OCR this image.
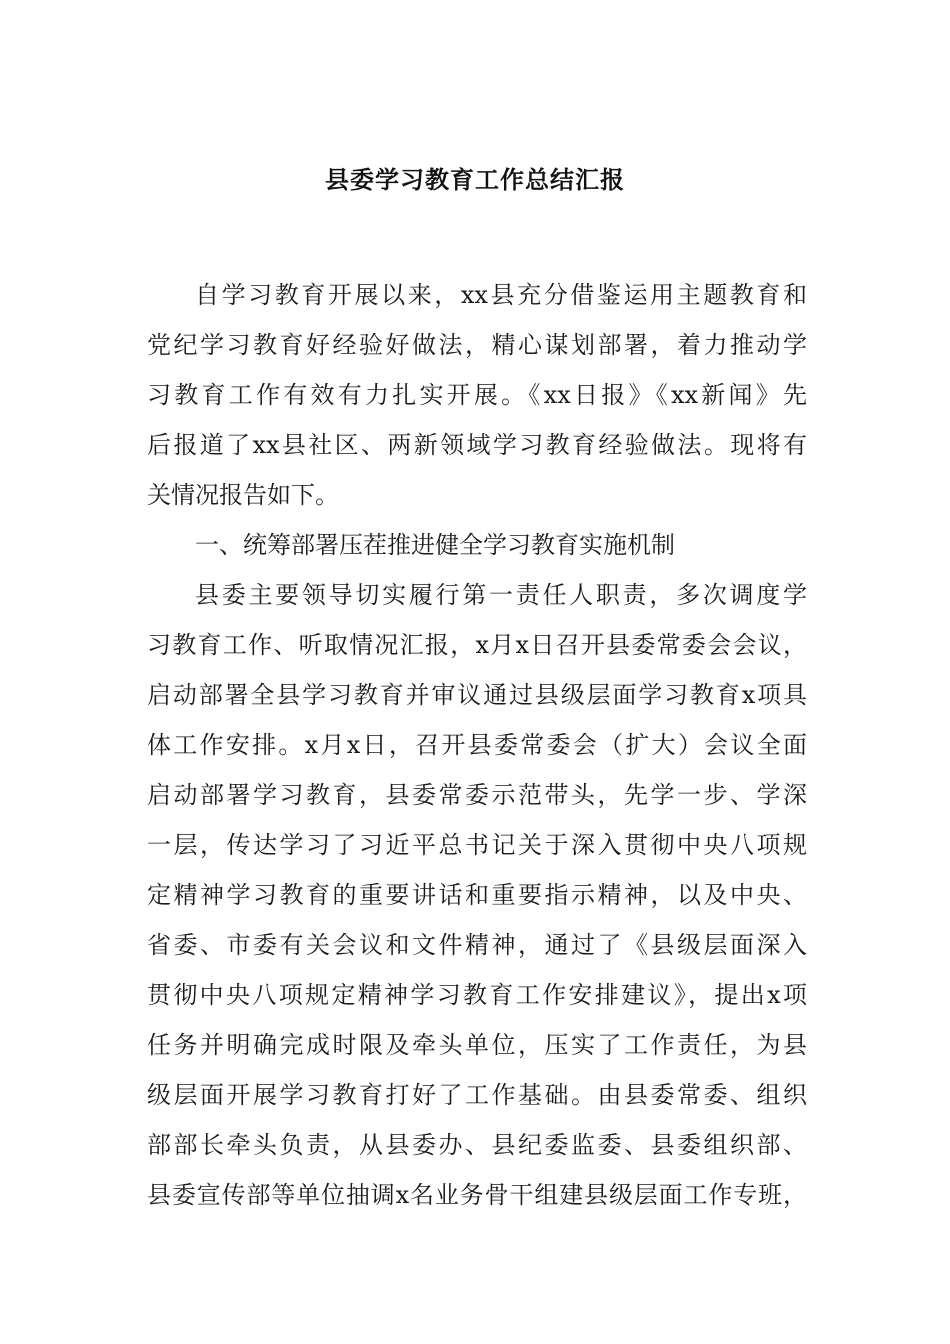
县委学习教育工作总结汇报
自学习教育开展以来，xx县充分借鉴运用主题教育和
党纪学习教育好经验好做法，精心谋划部署，着力推动学
习教育工作有效有力扎实开展。《xx日报》《xx新闻》先
后报道了xx县社区、两新领域学习教育经验做法。现将有
关情况报告如下。
一、统筹部署压茬推进健全学习教育实施机制
县委主要领导切实履行第一责任人职责，多次调度学
习教育工作、听取情况汇报，x月x日召开县委常委会会议，
启动部署全县学习教育并审议通过县级层面学习教育x项具
体工作安排。x月x日，召开县委常委会（扩大）会议全面
启动部署学习教育，县委常委示范带头，先学一步、学深
一层，传达学习了习近平总书记关于深入贯彻中央八项规
定精神学习教育的重要讲话和重要指示精神，以及中央、
省委、市委有关会议和文件精神，通过了《县级层面深入
贯彻中央八项规定精神学习教育工作安排建议》，提出x项
任务并明确完成时限及牵头单位，压实了工作责任，为县
级层面开展学习教育打好了工作基础。由县委常委、组织
部部长牵头负责，从县委办、县纪委监委、县委组织部、
县委宣传部等单位抽调x名业务骨干组建县级层面工作专班，
